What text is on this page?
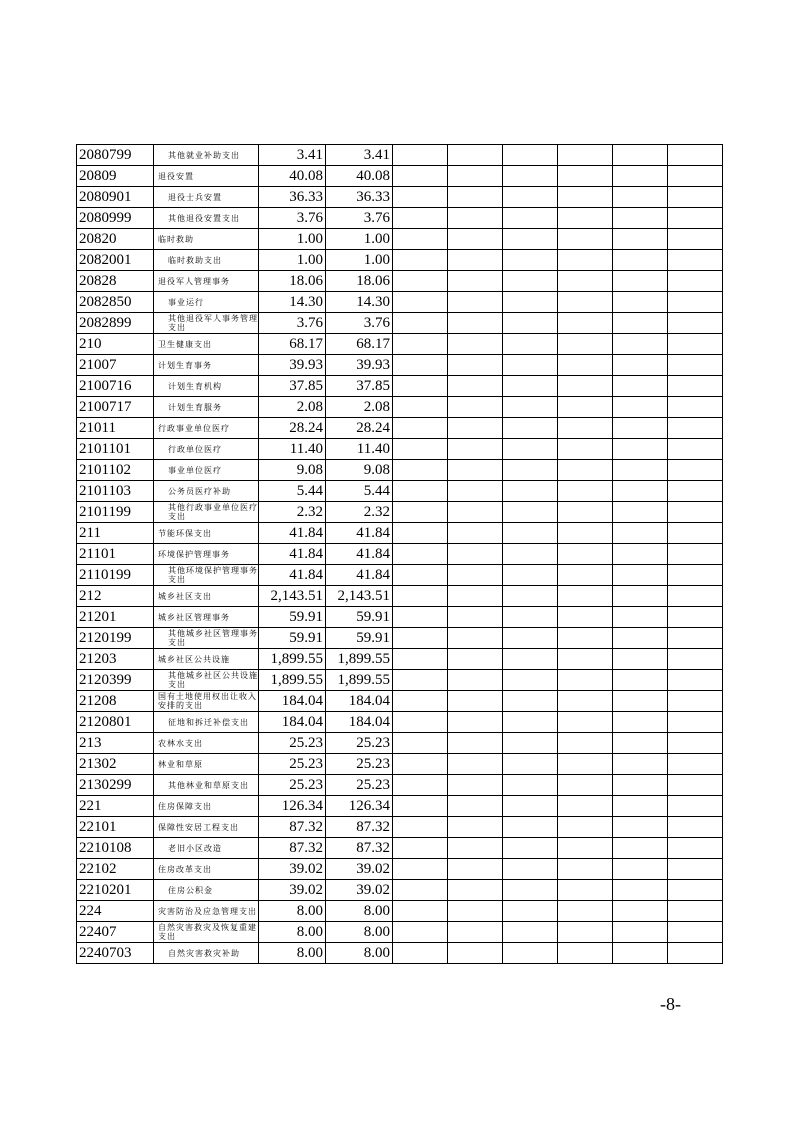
2080799	其他就业补助支出	3.41	3.41						
20809	退役安置	40.08	40.08						
2080901	退役士兵安置	36.33	36.33						
2080999	其他退役安置支出	3.76	3.76						
20820	临时救助	1.00	1.00						
2082001	临时救助支出	1.00	1.00						
20828	退役军人管理事务	18.06	18.06						
2082850	事业运行	14.30	14.30						
2082899	其他退役军人事务管理支出	3.76	3.76						
210	卫生健康支出	68.17	68.17						
21007	计划生育事务	39.93	39.93						
2100716	计划生育机构	37.85	37.85						
2100717	计划生育服务	2.08	2.08						
21011	行政事业单位医疗	28.24	28.24						
2101101	行政单位医疗	11.40	11.40						
2101102	事业单位医疗	9.08	9.08						
2101103	公务员医疗补助	5.44	5.44						
2101199	其他行政事业单位医疗支出	2.32	2.32						
211	节能环保支出	41.84	41.84						
21101	环境保护管理事务	41.84	41.84						
2110199	其他环境保护管理事务支出	41.84	41.84						
212	城乡社区支出	2,143.51	2,143.51						
21201	城乡社区管理事务	59.91	59.91						
2120199	其他城乡社区管理事务支出	59.91	59.91						
21203	城乡社区公共设施	1,899.55	1,899.55						
2120399	其他城乡社区公共设施支出	1,899.55	1,899.55						
21208	国有土地使用权出让收入安排的支出	184.04	184.04						
2120801	征地和拆迁补偿支出	184.04	184.04						
213	农林水支出	25.23	25.23						
21302	林业和草原	25.23	25.23						
2130299	其他林业和草原支出	25.23	25.23						
221	住房保障支出	126.34	126.34						
22101	保障性安居工程支出	87.32	87.32						
2210108	老旧小区改造	87.32	87.32						
22102	住房改革支出	39.02	39.02						
2210201	住房公积金	39.02	39.02						
224	灾害防治及应急管理支出	8.00	8.00						
22407	自然灾害救灾及恢复重建支出	8.00	8.00						
2240703	自然灾害救灾补助	8.00	8.00						
-8-
